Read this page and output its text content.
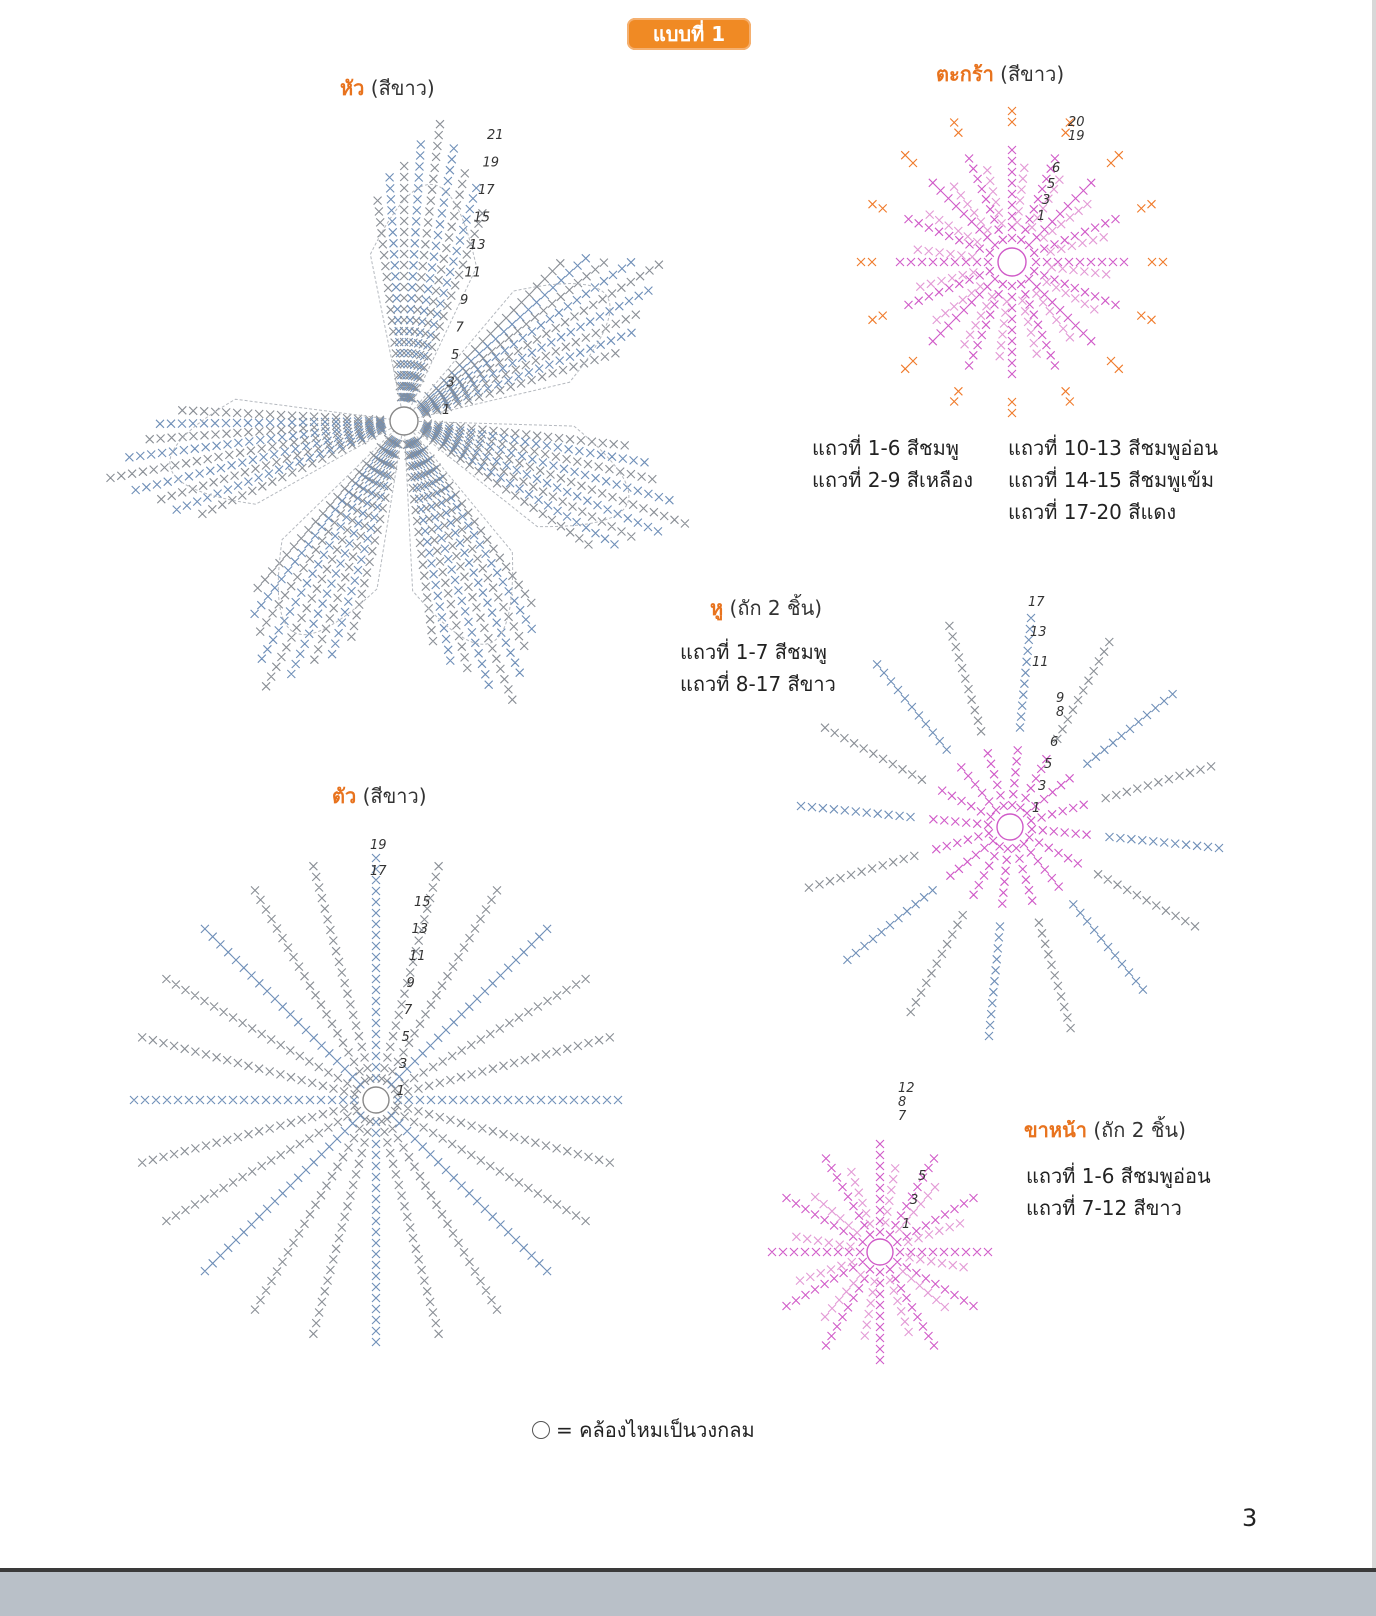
แบบที่ 1
หัว (สีขาว)
ตะกร้า (สีขาว)
แถวที่ 1-6 สีชมพู
แถวที่ 2-9 สีเหลือง
แถวที่ 10-13 สีชมพูอ่อน
แถวที่ 14-15 สีชมพูเข้ม
แถวที่ 17-20 สีแดง
หู (ถัก 2 ชิ้น)
แถวที่ 1-7 สีชมพู
แถวที่ 8-17 สีขาว
ตัว (สีขาว)
ขาหน้า (ถัก 2 ชิ้น)
แถวที่ 1-6 สีชมพูอ่อน
แถวที่ 7-12 สีขาว
= คล้องไหมเป็นวงกลม
3
21
19
17
15
13
11
9
7
5
3
1
20
19
6
5
3
1
17
13
11
9
8
6
5
3
1
19
17
15
13
11
9
7
5
3
1	12
8
7
5
3
1
